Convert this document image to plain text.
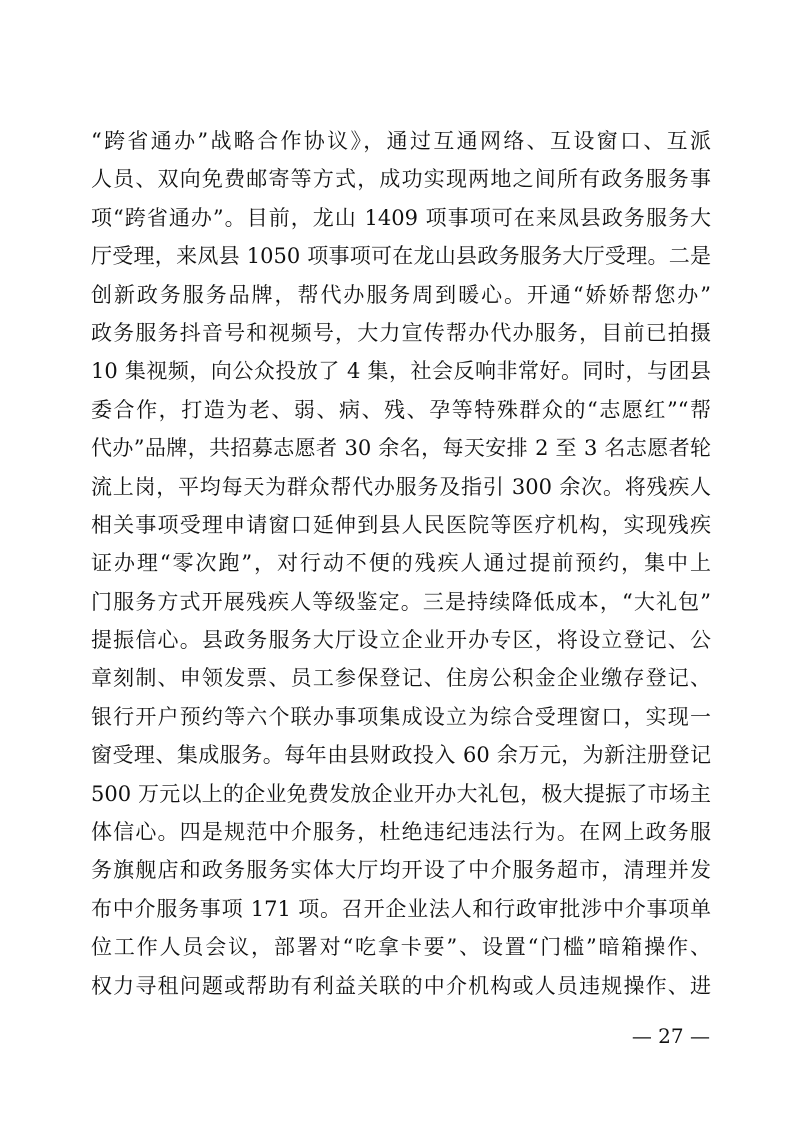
“跨省通办”战略合作协议》，通过互通网络、互设窗口、互派
人员、双向免费邮寄等方式，成功实现两地之间所有政务服务事
项“跨省通办”。目前，龙山 1409 项事项可在来凤县政务服务大
厅受理，来凤县 1050 项事项可在龙山县政务服务大厅受理。二是
创新政务服务品牌，帮代办服务周到暖心。开通“娇娇帮您办”
政务服务抖音号和视频号，大力宣传帮办代办服务，目前已拍摄
10 集视频，向公众投放了 4 集，社会反响非常好。同时，与团县
委合作，打造为老、弱、病、残、孕等特殊群众的“志愿红”“帮
代办”品牌，共招募志愿者 30 余名，每天安排 2 至 3 名志愿者轮
流上岗，平均每天为群众帮代办服务及指引 300 余次。将残疾人
相关事项受理申请窗口延伸到县人民医院等医疗机构，实现残疾
证办理“零次跑”，对行动不便的残疾人通过提前预约，集中上
门服务方式开展残疾人等级鉴定。三是持续降低成本，“大礼包”
提振信心。县政务服务大厅设立企业开办专区，将设立登记、公
章刻制、申领发票、员工参保登记、住房公积金企业缴存登记、
银行开户预约等六个联办事项集成设立为综合受理窗口，实现一
窗受理、集成服务。每年由县财政投入 60 余万元，为新注册登记
500 万元以上的企业免费发放企业开办大礼包，极大提振了市场主
体信心。四是规范中介服务，杜绝违纪违法行为。在网上政务服
务旗舰店和政务服务实体大厅均开设了中介服务超市，清理并发
布中介服务事项 171 项。召开企业法人和行政审批涉中介事项单
位工作人员会议，部署对“吃拿卡要”、设置“门槛”暗箱操作、
权力寻租问题或帮助有利益关联的中介机构或人员违规操作、进
— 27 —
